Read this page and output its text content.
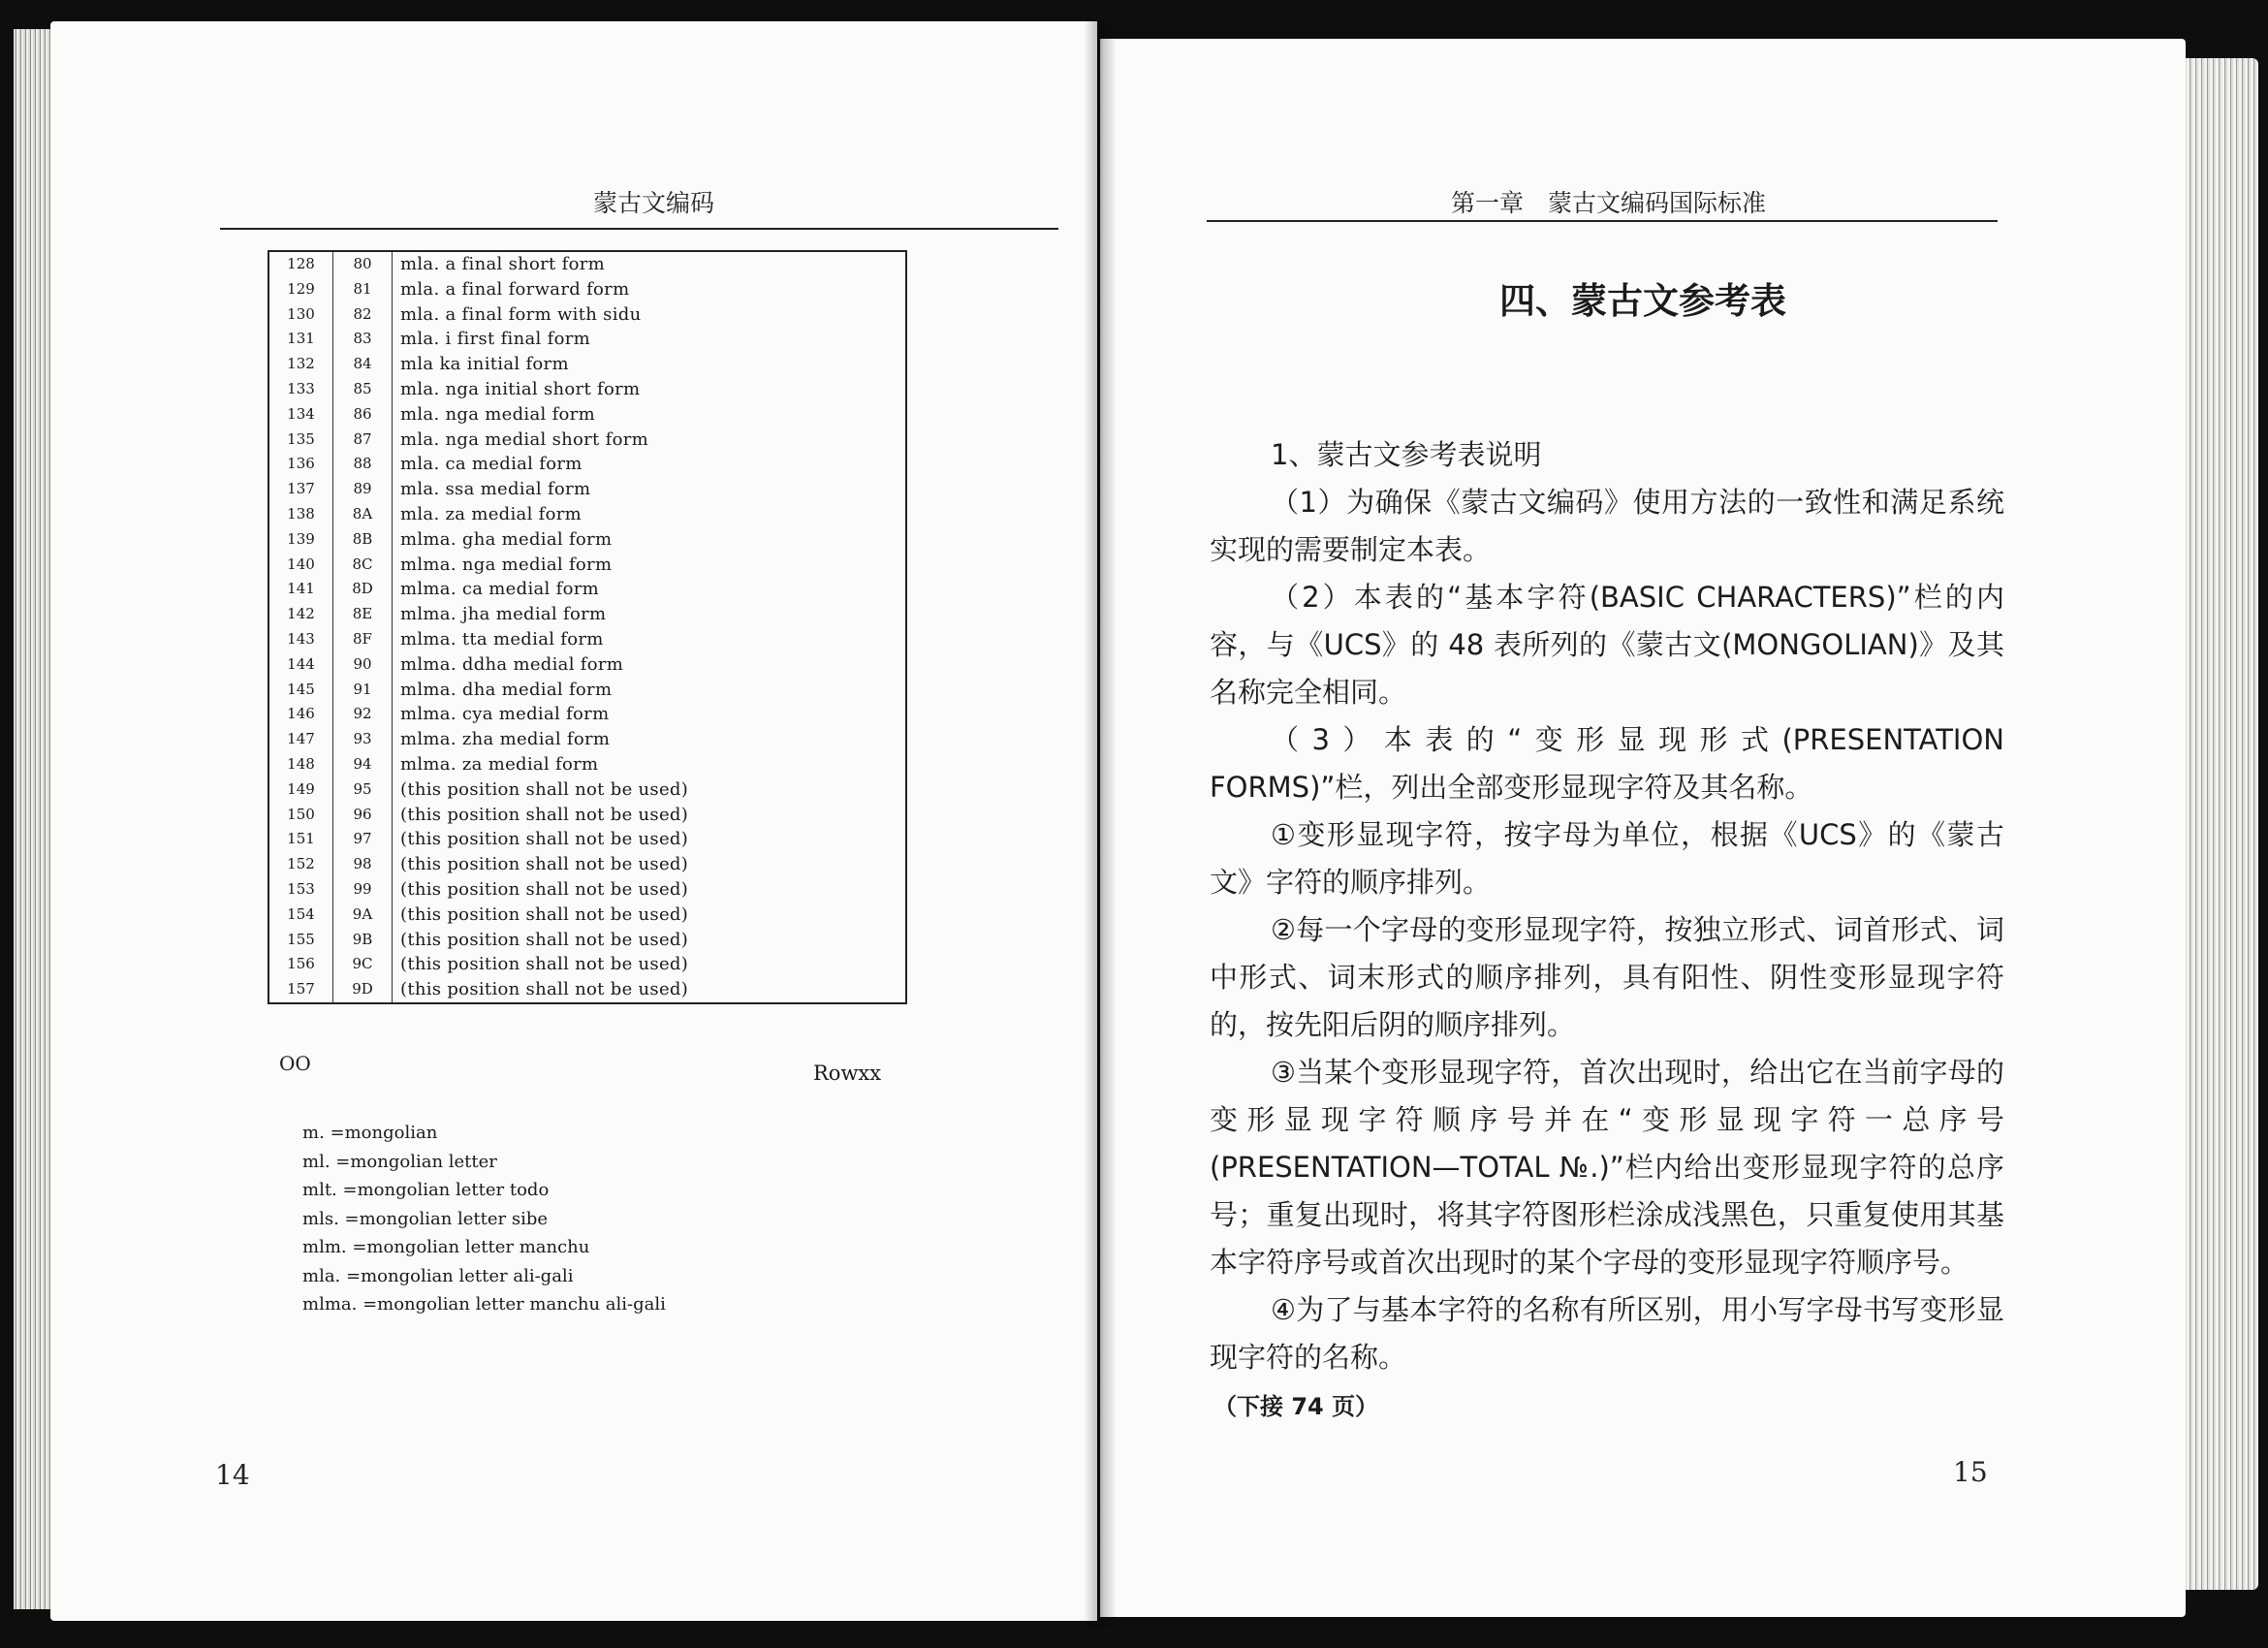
蒙古文编码
128	80	mla. a final short form
129	81	mla. a final forward form
130	82	mla. a final form with sidu
131	83	mla. i first final form
132	84	mla ka initial form
133	85	mla. nga initial short form
134	86	mla. nga medial form
135	87	mla. nga medial short form
136	88	mla. ca medial form
137	89	mla. ssa medial form
138	8A	mla. za medial form
139	8B	mlma. gha medial form
140	8C	mlma. nga medial form
141	8D	mlma. ca medial form
142	8E	mlma. jha medial form
143	8F	mlma. tta medial form
144	90	mlma. ddha medial form
145	91	mlma. dha medial form
146	92	mlma. cya medial form
147	93	mlma. zha medial form
148	94	mlma. za medial form
149	95	(this position shall not be used)
150	96	(this position shall not be used)
151	97	(this position shall not be used)
152	98	(this position shall not be used)
153	99	(this position shall not be used)
154	9A	(this position shall not be used)
155	9B	(this position shall not be used)
156	9C	(this position shall not be used)
157	9D	(this position shall not be used)
OO	Rowxx
m. =mongolian
ml. =mongolian letter
mlt. =mongolian letter todo
mls. =mongolian letter sibe
mlm. =mongolian letter manchu
mla. =mongolian letter ali-gali
mlma. =mongolian letter manchu ali-gali
14
第一章　蒙古文编码国际标准
四、蒙古文参考表

1、蒙古文参考表说明

（1）为确保《蒙古文编码》使用方法的一致性和满足系统实现的需要制定本表。

（2）本表的“基本字符(BASIC CHARACTERS)”栏的内容，与《UCS》的 48 表所列的《蒙古文(MONGOLIAN)》及其名称完全相同。

（3）本表的“变形显现形式(PRESENTATION FORMS)”栏，列出全部变形显现字符及其名称。

①变形显现字符，按字母为单位，根据《UCS》的《蒙古文》字符的顺序排列。

②每一个字母的变形显现字符，按独立形式、词首形式、词中形式、词末形式的顺序排列，具有阳性、阴性变形显现字符的，按先阳后阴的顺序排列。

③当某个变形显现字符，首次出现时，给出它在当前字母的变形显现字符顺序号并在“变形显现字符一总序号(PRESENTATION—TOTAL №.)”栏内给出变形显现字符的总序号；重复出现时，将其字符图形栏涂成浅黑色，只重复使用其基本字符序号或首次出现时的某个字母的变形显现字符顺序号。

④为了与基本字符的名称有所区别，用小写字母书写变形显现字符的名称。

（下接 74 页）

15
